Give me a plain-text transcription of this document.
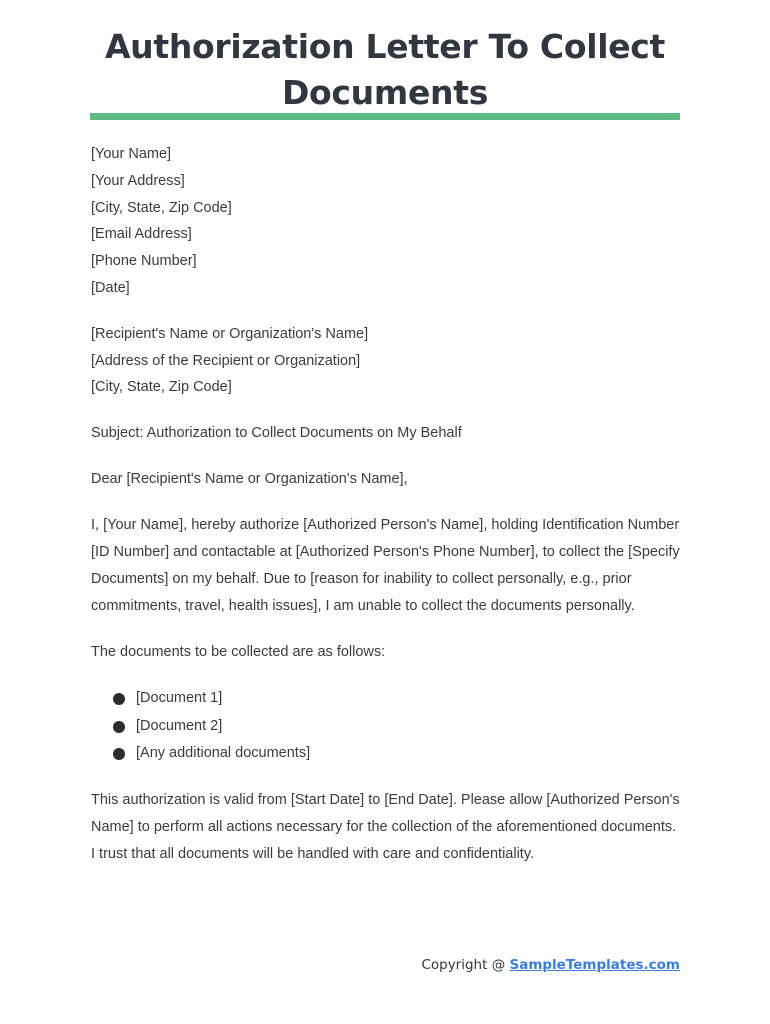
Authorization Letter To Collect
Documents
[Your Name]
[Your Address]
[City, State, Zip Code]
[Email Address]
[Phone Number]
[Date]
[Recipient's Name or Organization's Name]
[Address of the Recipient or Organization]
[City, State, Zip Code]

Subject: Authorization to Collect Documents on My Behalf

Dear [Recipient's Name or Organization's Name],

I, [Your Name], hereby authorize [Authorized Person's Name], holding Identification Number [ID Number] and contactable at [Authorized Person's Phone Number], to collect the [Specify Documents] on my behalf. Due to [reason for inability to collect personally, e.g., prior commitments, travel, health issues], I am unable to collect the documents personally.

The documents to be collected are as follows:

[Document 1]
[Document 2]
[Any additional documents]

This authorization is valid from [Start Date] to [End Date]. Please allow [Authorized Person's Name] to perform all actions necessary for the collection of the aforementioned documents. I trust that all documents will be handled with care and confidentiality.

Copyright @ SampleTemplates.com
